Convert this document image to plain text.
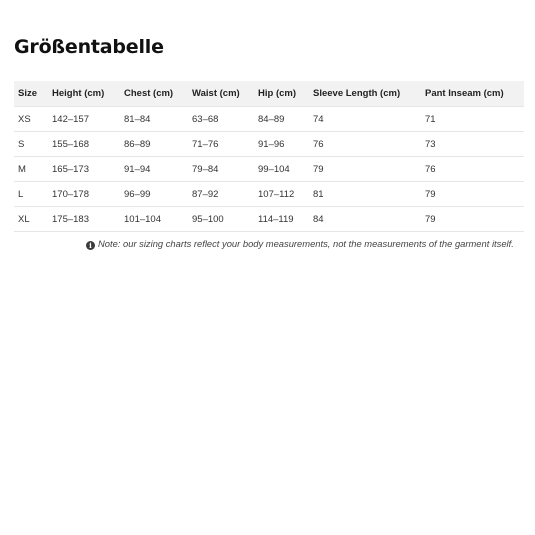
Größentabelle
Size	Height (cm)	Chest (cm)	Waist (cm)	Hip (cm)	Sleeve Length (cm)	Pant Inseam (cm)
XS	142–157	81–84	63–68	84–89	74	71
S	155–168	86–89	71–76	91–96	76	73
M	165–173	91–94	79–84	99–104	79	76
L	170–178	96–99	87–92	107–112	81	79
XL	175–183	101–104	95–100	114–119	84	79
i Note: our sizing charts reflect your body measurements, not the measurements of the garment itself.
